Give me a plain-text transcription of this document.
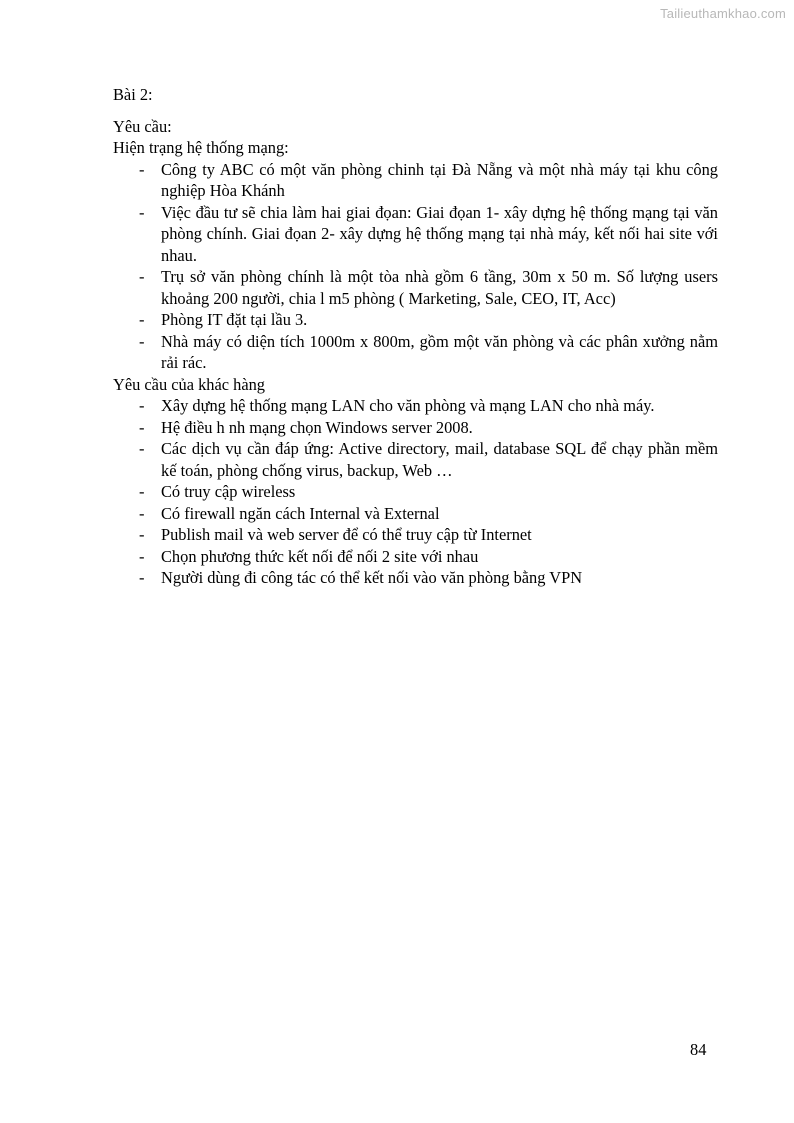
Tailieuthamkhao.com

Bài 2:

Yêu cầu:

Hiện trạng hệ thống mạng:

- Công ty ABC có một văn phòng chinh tại Đà Nẵng và một nhà máy tại khu công nghiệp Hòa Khánh
- Việc đầu tư sẽ chia làm hai giai đọan: Giai đọan 1- xây dựng hệ thống mạng tại văn phòng chính. Giai đọan 2- xây dựng hệ thống mạng tại nhà máy, kết nối hai site với nhau.
- Trụ sở văn phòng chính là một tòa nhà gồm 6 tầng, 30m x 50 m. Số lượng users khoảng 200 người, chia l m5 phòng ( Marketing, Sale, CEO, IT, Acc)
- Phòng IT đặt tại lầu 3.
- Nhà máy có diện tích 1000m x 800m, gồm một văn phòng và các phân xưởng nằm rải rác.

Yêu cầu của khác hàng

- Xây dựng hệ thống mạng LAN cho văn phòng và mạng LAN cho nhà máy.
- Hệ điều h nh mạng chọn Windows server 2008.
- Các dịch vụ cần đáp ứng: Active directory, mail, database SQL để chạy phần mềm kế toán, phòng chống virus, backup, Web …
- Có truy cập wireless
- Có firewall ngăn cách Internal và External
- Publish mail và web server để có thể truy cập từ Internet
- Chọn phương thức kết nối để nối 2 site với nhau
- Người dùng đi công tác có thể kết nối vào văn phòng bằng VPN
84
